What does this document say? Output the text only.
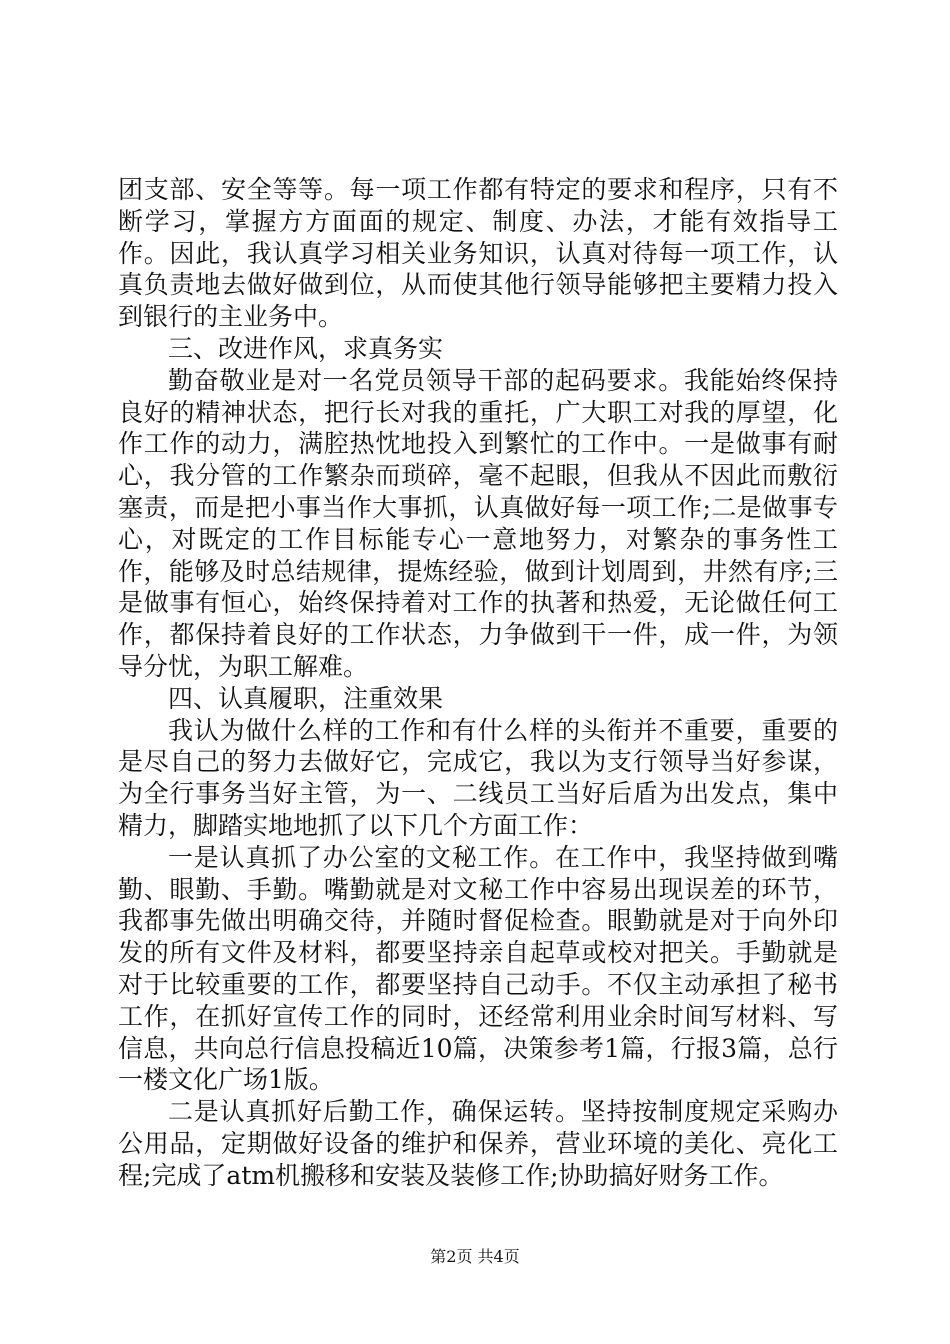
团支部、安全等等。每一项工作都有特定的要求和程序，只有不断学习，掌握方方面面的规定、制度、办法，才能有效指导工作。因此，我认真学习相关业务知识，认真对待每一项工作，认真负责地去做好做到位，从而使其他行领导能够把主要精力投入到银行的主业务中。

三、改进作风，求真务实

勤奋敬业是对一名党员领导干部的起码要求。我能始终保持良好的精神状态，把行长对我的重托，广大职工对我的厚望，化作工作的动力，满腔热忱地投入到繁忙的工作中。一是做事有耐心，我分管的工作繁杂而琐碎，毫不起眼，但我从不因此而敷衍塞责，而是把小事当作大事抓，认真做好每一项工作;二是做事专心，对既定的工作目标能专心一意地努力，对繁杂的事务性工作，能够及时总结规律，提炼经验，做到计划周到，井然有序;三是做事有恒心，始终保持着对工作的执著和热爱，无论做任何工作，都保持着良好的工作状态，力争做到干一件，成一件，为领导分忧，为职工解难。

四、认真履职，注重效果

我认为做什么样的工作和有什么样的头衔并不重要，重要的是尽自己的努力去做好它，完成它，我以为支行领导当好参谋，为全行事务当好主管，为一、二线员工当好后盾为出发点，集中精力，脚踏实地地抓了以下几个方面工作：

一是认真抓了办公室的文秘工作。在工作中，我坚持做到嘴勤、眼勤、手勤。嘴勤就是对文秘工作中容易出现误差的环节，我都事先做出明确交待，并随时督促检查。眼勤就是对于向外印发的所有文件及材料，都要坚持亲自起草或校对把关。手勤就是对于比较重要的工作，都要坚持自己动手。不仅主动承担了秘书工作，在抓好宣传工作的同时，还经常利用业余时间写材料、写信息，共向总行信息投稿近10篇，决策参考1篇，行报3篇，总行一楼文化广场1版。

二是认真抓好后勤工作，确保运转。坚持按制度规定采购办公用品，定期做好设备的维护和保养，营业环境的美化、亮化工程;完成了atm机搬移和安装及装修工作;协助搞好财务工作。

第2页 共4页
